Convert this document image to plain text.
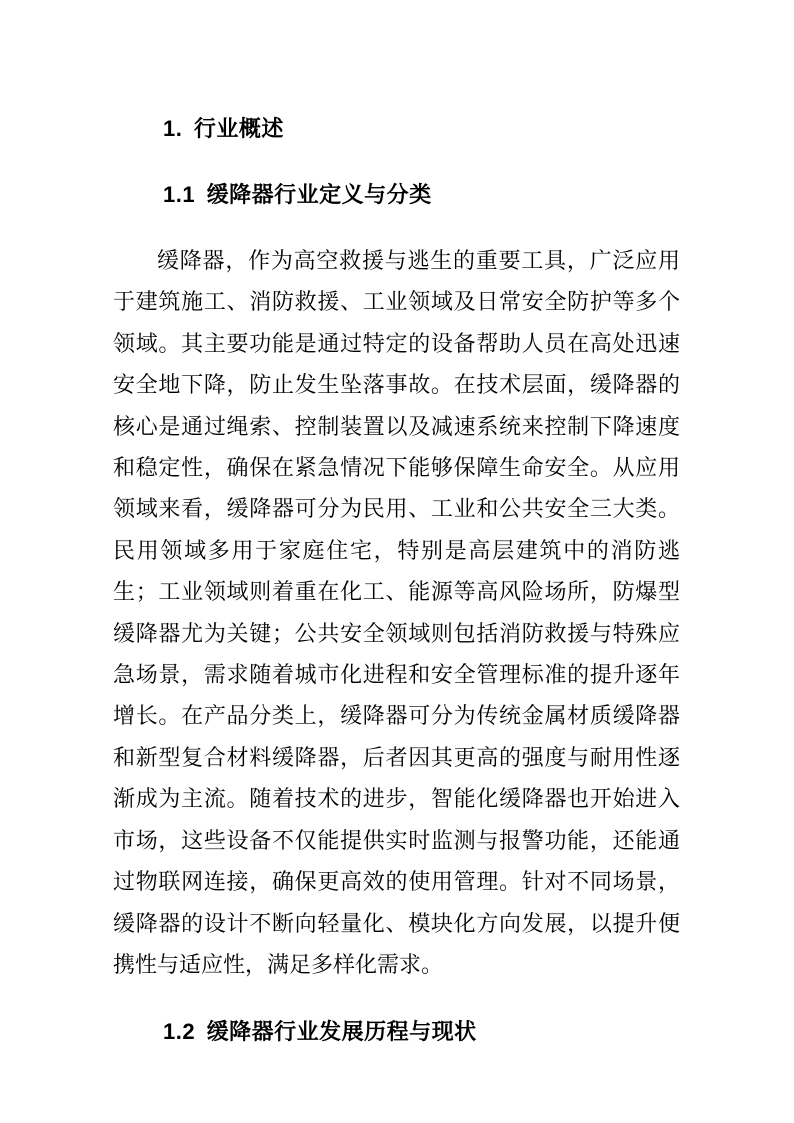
1. 行业概述
1.1 缓降器行业定义与分类

缓降器，作为高空救援与逃生的重要工具，广泛应用于建筑施工、消防救援、工业领域及日常安全防护等多个领域。其主要功能是通过特定的设备帮助人员在高处迅速安全地下降，防止发生坠落事故。在技术层面，缓降器的核心是通过绳索、控制装置以及减速系统来控制下降速度和稳定性，确保在紧急情况下能够保障生命安全。从应用领域来看，缓降器可分为民用、工业和公共安全三大类。民用领域多用于家庭住宅，特别是高层建筑中的消防逃生；工业领域则着重在化工、能源等高风险场所，防爆型缓降器尤为关键；公共安全领域则包括消防救援与特殊应急场景，需求随着城市化进程和安全管理标准的提升逐年增长。在产品分类上，缓降器可分为传统金属材质缓降器和新型复合材料缓降器，后者因其更高的强度与耐用性逐渐成为主流。随着技术的进步，智能化缓降器也开始进入市场，这些设备不仅能提供实时监测与报警功能，还能通过物联网连接，确保更高效的使用管理。针对不同场景，缓降器的设计不断向轻量化、模块化方向发展，以提升便携性与适应性，满足多样化需求。

1.2 缓降器行业发展历程与现状
